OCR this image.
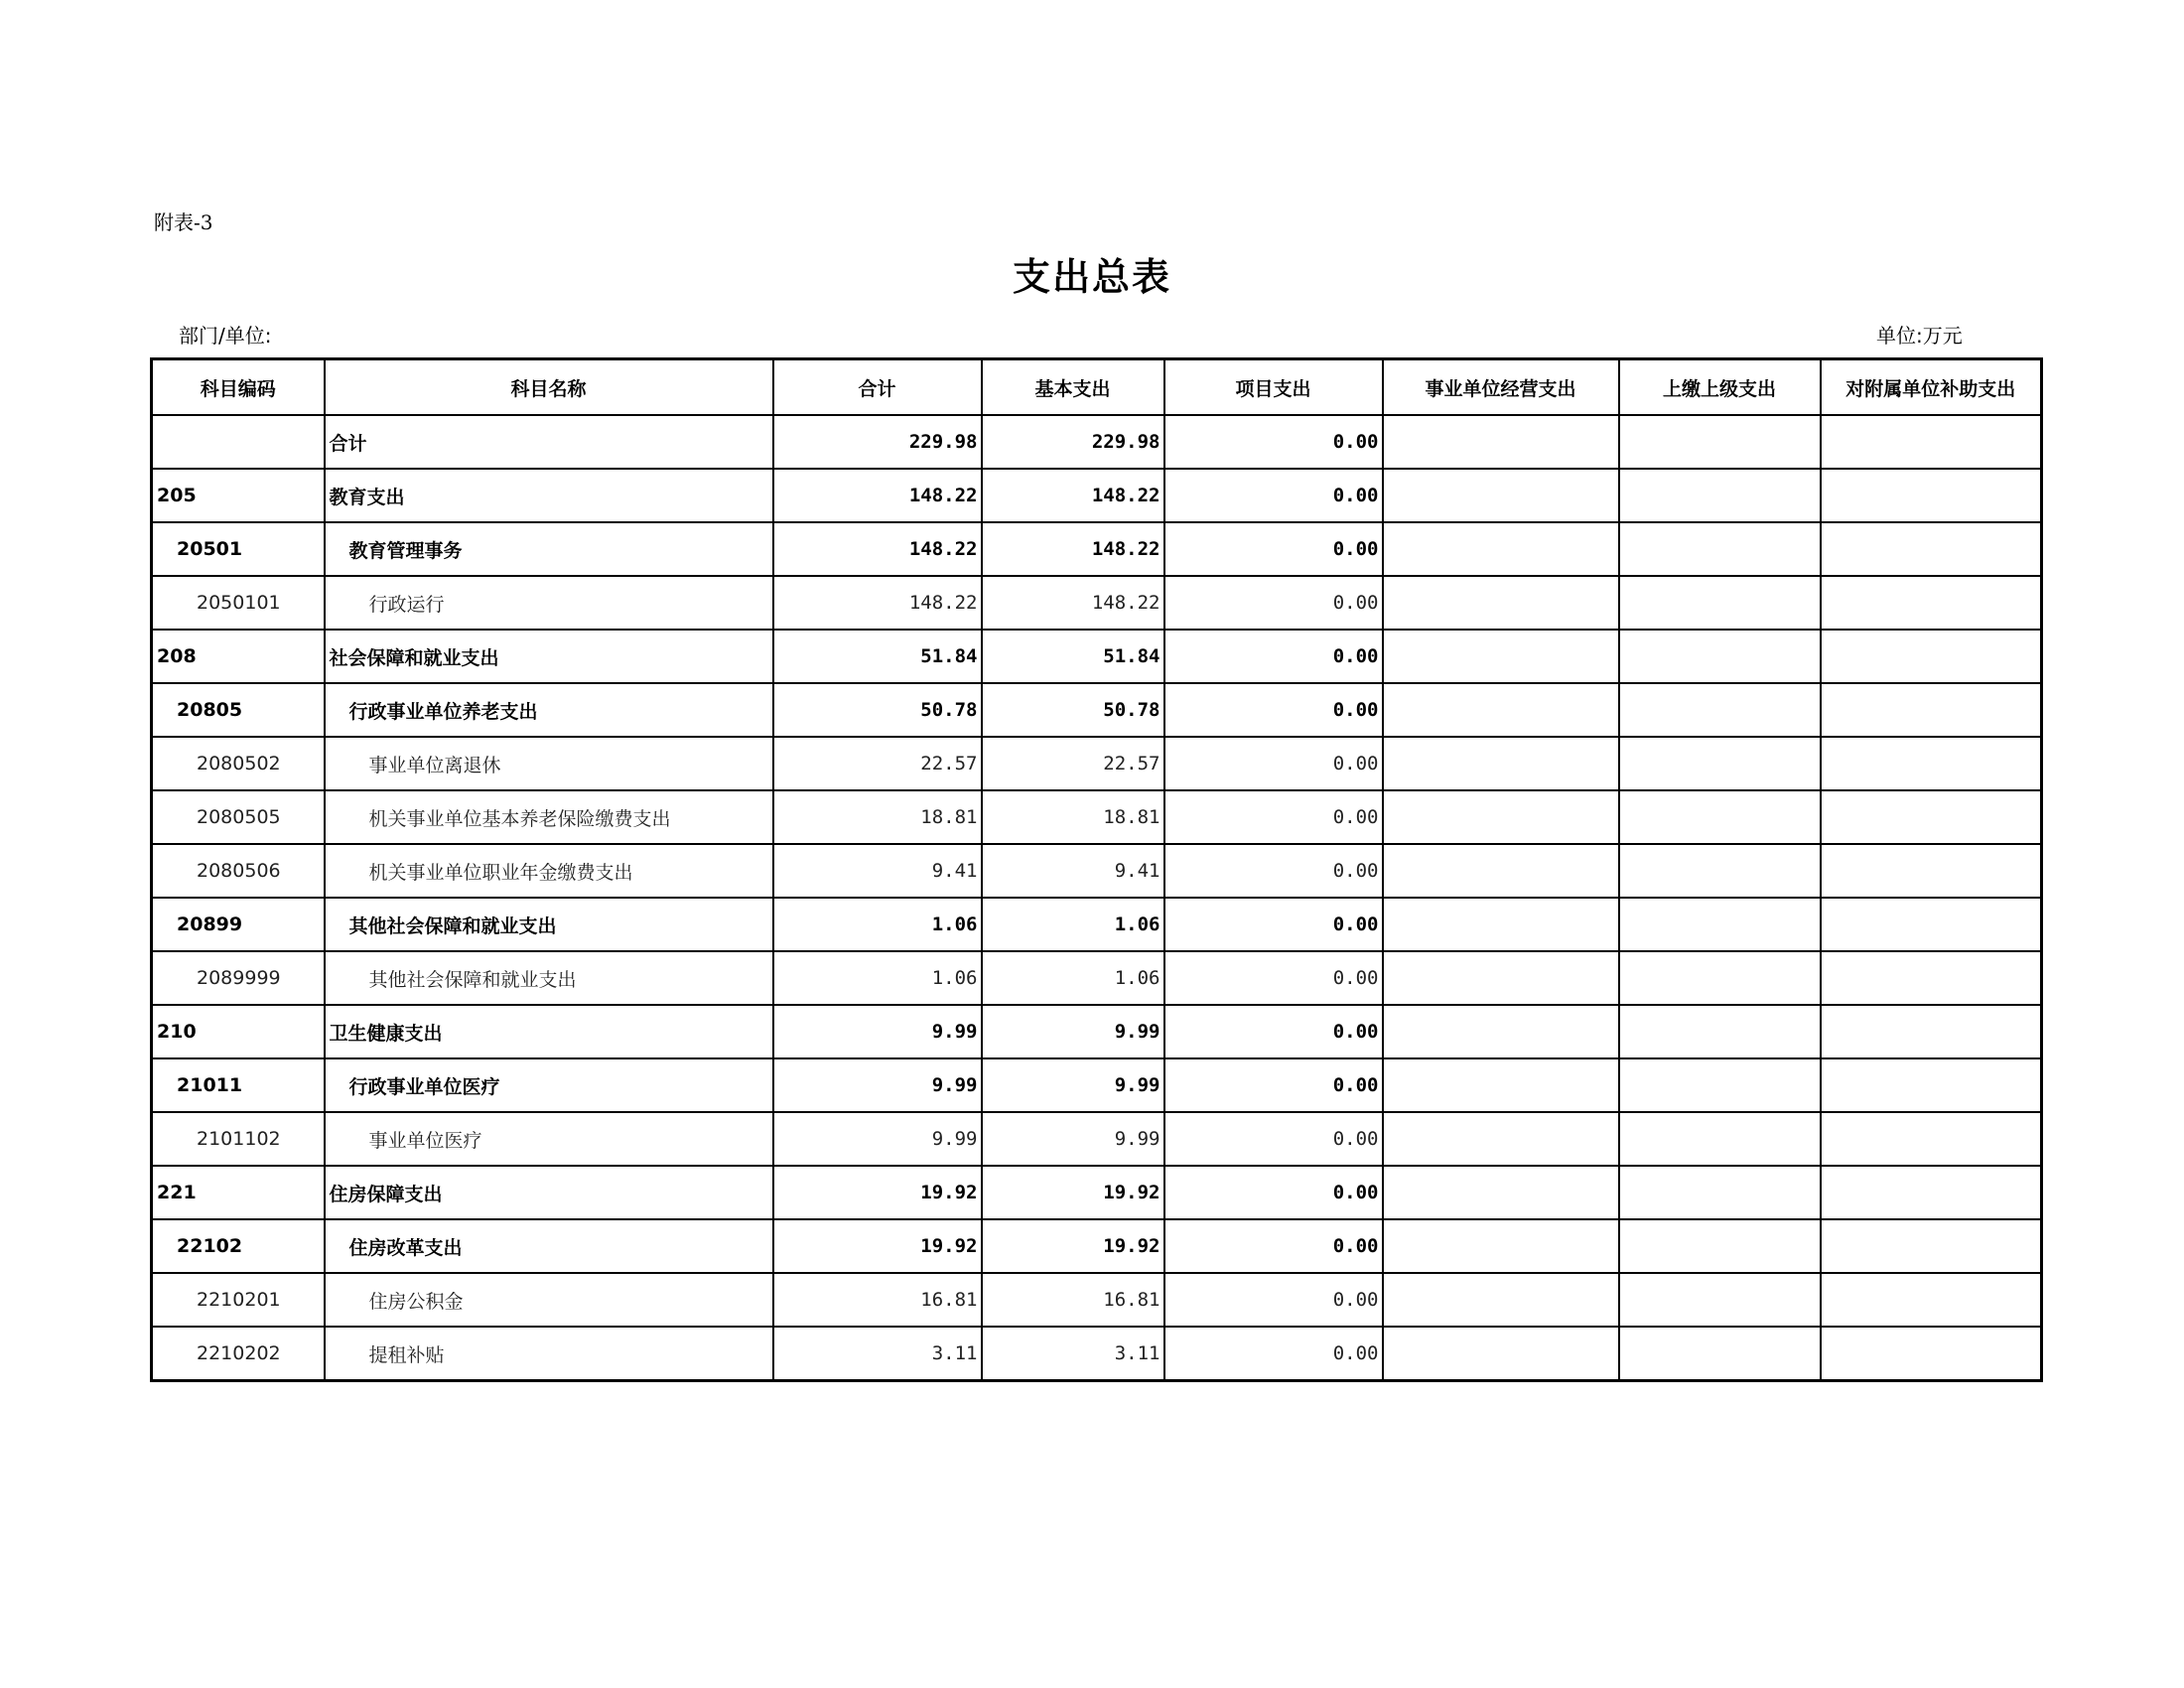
附表-3
支出总表
部门/单位:	单位:万元
科目编码	科目名称	合计	基本支出	项目支出	事业单位经营支出	上缴上级支出	对附属单位补助支出
	合计	229.98	229.98	0.00			
205	教育支出	148.22	148.22	0.00			
20501	教育管理事务	148.22	148.22	0.00			
2050101	行政运行	148.22	148.22	0.00			
208	社会保障和就业支出	51.84	51.84	0.00			
20805	行政事业单位养老支出	50.78	50.78	0.00			
2080502	事业单位离退休	22.57	22.57	0.00			
2080505	机关事业单位基本养老保险缴费支出	18.81	18.81	0.00			
2080506	机关事业单位职业年金缴费支出	9.41	9.41	0.00			
20899	其他社会保障和就业支出	1.06	1.06	0.00			
2089999	其他社会保障和就业支出	1.06	1.06	0.00			
210	卫生健康支出	9.99	9.99	0.00			
21011	行政事业单位医疗	9.99	9.99	0.00			
2101102	事业单位医疗	9.99	9.99	0.00			
221	住房保障支出	19.92	19.92	0.00			
22102	住房改革支出	19.92	19.92	0.00			
2210201	住房公积金	16.81	16.81	0.00			
2210202	提租补贴	3.11	3.11	0.00			
